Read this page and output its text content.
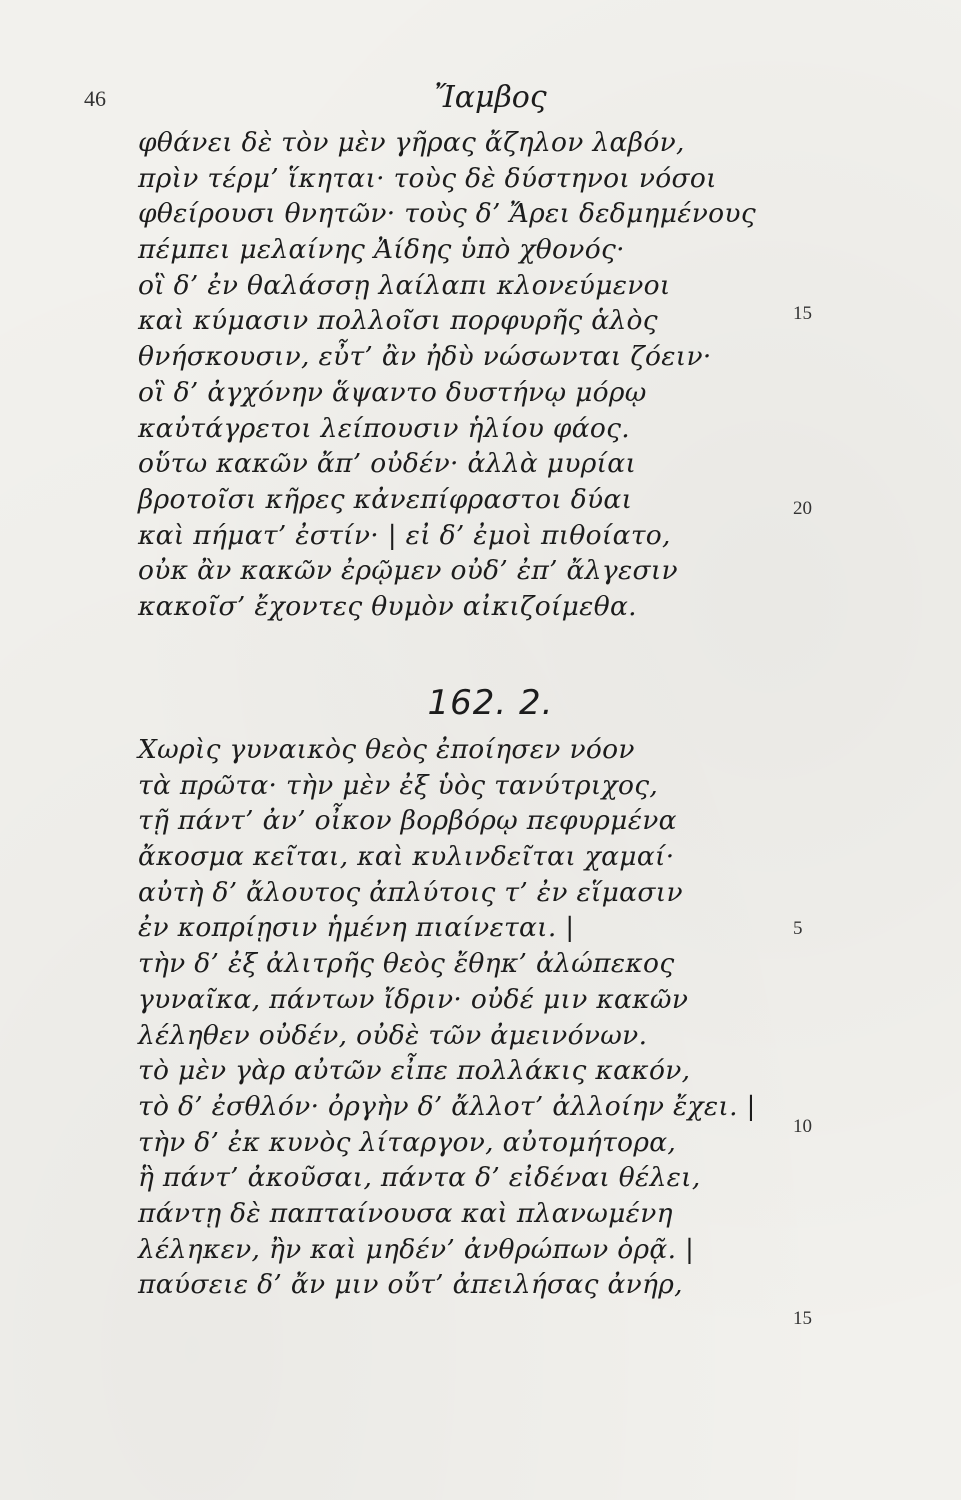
46	Ἴαμβος
φθάνει δὲ τὸν μὲν γῆρας ἄζηλον λαβόν,
πρὶν τέρμ’ ἵκηται· τοὺς δὲ δύστηνοι νόσοι
φθείρουσι θνητῶν· τοὺς δ’ Ἄρει δεδμημένους
πέμπει μελαίνης Ἀίδης ὑπὸ χθονός·
οἳ δ’ ἐν θαλάσσῃ λαίλαπι κλονεύμενοι
καὶ κύμασιν πολλοῖσι πορφυρῆς ἁλὸς
θνήσκουσιν, εὖτ’ ἂν ἠδὺ νώσωνται ζόειν·
οἳ δ’ ἀγχόνην ἅψαντο δυστήνῳ μόρῳ
καὐτάγρετοι λείπουσιν ἡλίου φάος.
οὕτω κακῶν ἄπ’ οὐδέν· ἀλλὰ μυρίαι
βροτοῖσι κῆρες κἀνεπίφραστοι δύαι
καὶ πήματ’ ἐστίν· | εἰ δ’ ἐμοὶ πιθοίατο,
οὐκ ἂν κακῶν ἐρῷμεν οὐδ’ ἐπ’ ἄλγεσιν
κακοῖσ’ ἔχοντες θυμὸν αἰκιζοίμεθα.
15
20
162. 2.
Χωρὶς γυναικὸς θεὸς ἐποίησεν νόον
τὰ πρῶτα· τὴν μὲν ἐξ ὑὸς τανύτριχος,
τῇ πάντ’ ἀν’ οἶκον βορβόρῳ πεφυρμένα
ἄκοσμα κεῖται, καὶ κυλινδεῖται χαμαί·
αὐτὴ δ’ ἄλουτος ἀπλύτοις τ’ ἐν εἵμασιν
ἐν κοπρίῃσιν ἡμένη πιαίνεται. |
τὴν δ’ ἐξ ἀλιτρῆς θεὸς ἔθηκ’ ἀλώπεκος
γυναῖκα, πάντων ἴδριν· οὐδέ μιν κακῶν
λέληθεν οὐδέν, οὐδὲ τῶν ἀμεινόνων.
τὸ μὲν γὰρ αὐτῶν εἶπε πολλάκις κακόν,
τὸ δ’ ἐσθλόν· ὀργὴν δ’ ἄλλοτ’ ἀλλοίην ἔχει. |
τὴν δ’ ἐκ κυνὸς λίταργον, αὐτομήτορα,
ἣ πάντ’ ἀκοῦσαι, πάντα δ’ εἰδέναι θέλει,
πάντῃ δὲ παπταίνουσα καὶ πλανωμένη
λέληκεν, ἢν καὶ μηδέν’ ἀνθρώπων ὁρᾷ. |
παύσειε δ’ ἄν μιν οὔτ’ ἀπειλήσας ἀνήρ,
5
10
15
